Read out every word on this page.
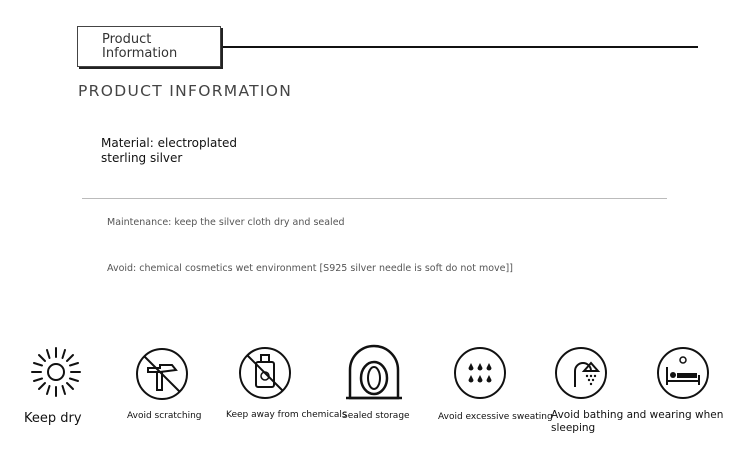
Product
Information
PRODUCT INFORMATION
Material: electroplated
sterling silver
Maintenance: keep the silver cloth dry and sealed
Avoid: chemical cosmetics wet environment [S925 silver needle is soft do not move]]
Keep dry	Avoid scratching	Keep away from chemicals
Sealed storage	Avoid excessive sweating
Avoid bathing and wearing when sleeping
